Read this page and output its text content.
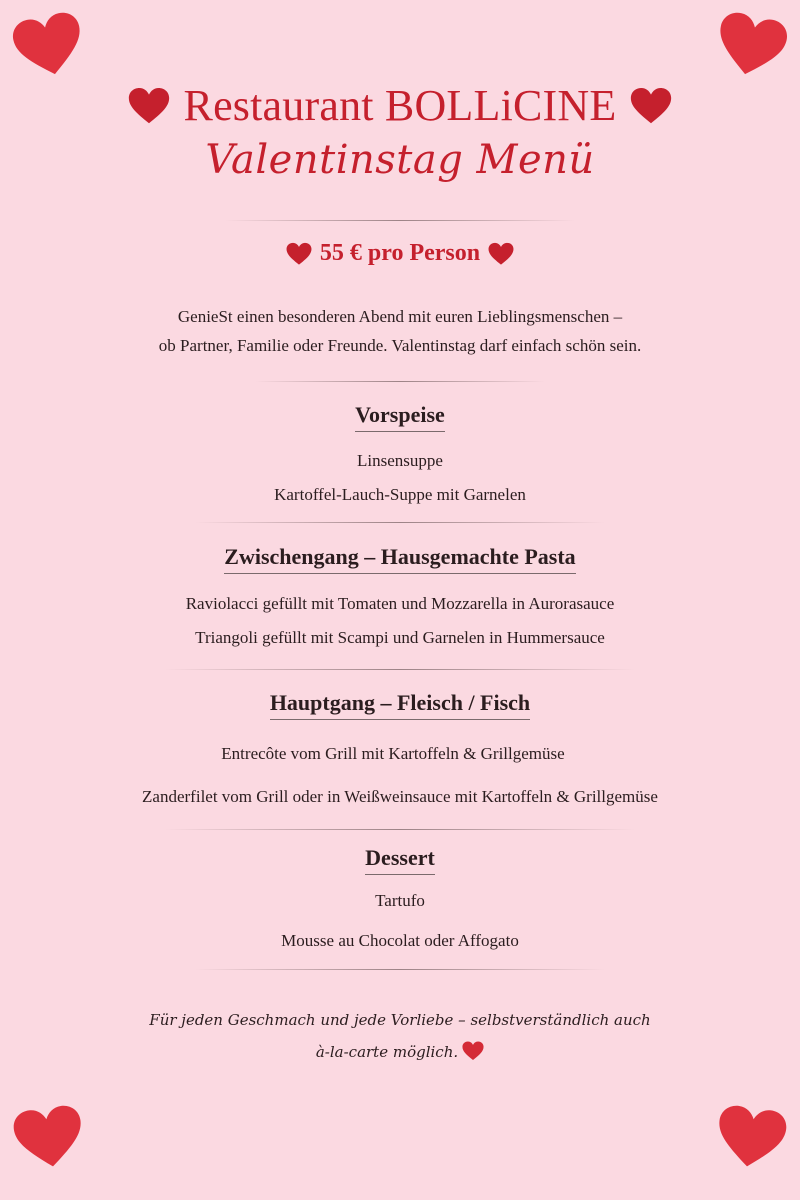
Restaurant BOLLiCINE
Valentinstag Menü
55 € pro Person
GenieSt einen besonderen Abend mit euren Lieblingsmenschen –
ob Partner, Familie oder Freunde. Valentinstag darf einfach schön sein.
Vorspeise
Linsensuppe
Kartoffel-Lauch-Suppe mit Garnelen
Zwischengang – Hausgemachte Pasta
Raviolacci gefüllt mit Tomaten und Mozzarella in Aurorasauce
Triangoli gefüllt mit Scampi und Garnelen in Hummersauce
Hauptgang – Fleisch / Fisch
Entrecôte vom Grill mit Kartoffeln & Grillgemüse
Zanderfilet vom Grill oder in Weißweinsauce mit Kartoffeln & Grillgemüse
Dessert
Tartufo
Mousse au Chocolat oder Affogato
Für jeden Geschmach und jede Vorliebe – selbstverständlich auch
à-la-carte möglich.
